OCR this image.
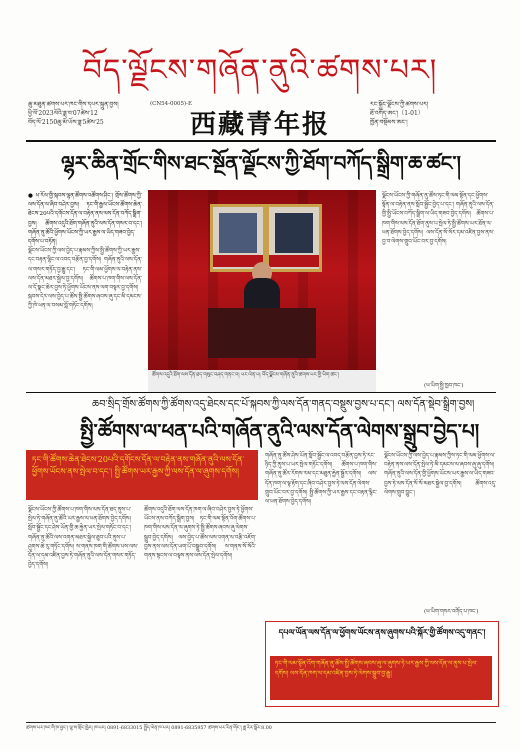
བོད་ལྗོངས་གཞོན་ནུའི་ཚགས་པར།
ཆུ་མཐུན་ཚགས་པར་ཁང་གིས་དཔར་སྐྲུན་བྱས།
ཕྱི་ལོ་2023ལོའི་ཟླ་བ་07ཚེས་12
བོད་ལོ་2150ཆུ་མོ་ཡོས་ཟླ་5ཚེས་25
(CN54-0005)-E
西藏青年报
རང་སྐྱོང་ལྗོངས་ཀྱི་ཚགས་པར།
ཐོ་འགོད་ཨང་།（1-01）
ཁྱོན་བསྡོམས་ཨང་།
ལྷར་ཆིན་གྲོང་གིས་ཐང་སྔོན་ལྗོངས་ཀྱི་ཐོག་བཀོད་སྒྲིག་ཆ་ཚང་།
● ཕ་རོལ་གྱི་སྐབས་ལྷན་ཚོགས་འཚོགས་ཤིང་། གྲོས་ཚོགས་ཀྱི་ལས་དོན་ལ་ཞིབ་བཤེར་བྱས། ཏང་གི་རྒྱལ་ཡོངས་ཚོགས་ཆེན་ཐེངས་20པའི་དགོངས་དོན་ལ་བརྟེན་ནས་ལས་དོན་བཀོད་སྒྲིག་བྱས། ཚོགས་འདུའི་ཐོག་གཞོན་ནུའི་ལས་དོན་གསར་བ་དང་། གཞོན་ནུ་ཚོའི་ཕྱོགས་ཡོངས་ཀྱི་ཡར་རྒྱས་ལ་ཡིད་གཟབ་བྱེད་དགོས་པ་བཏོན།
ལྗོངས་ཡོངས་ཀྱི་ལས་བྱེད་པ་རྣམས་ཀྱིས་སྤྱི་ཚོགས་ཀྱི་ཡར་རྒྱས་དང་བརྟན་ལྷིང་ལ་འབད་བརྩོན་བྱ་དགོས། གཞོན་ནུའི་ལས་དོན་ལ་གསར་གཏོད་བྱ་རྒྱུ་དང་། ཏང་གི་ལམ་ཕྱོགས་ལ་བརྟེན་ནས་ལས་དོན་མཐར་སྐྱེལ་བྱ་དགོས། ཚོགས་པ་ཁག་གིས་ལས་དོན་ལ་དོ་སྣང་ཆེར་བྱས་ཏེ་ཕྱོགས་ཡོངས་ནས་ལག་བསྟར་བྱ་དགོས། སྐབས་དེར་ལས་བྱེད་པ་ཚོས་སྤྱི་ཚོགས་ཞབས་ཞུ་དང་མི་དམངས་ཀྱི་ཁེ་ཕན་ལ་བསམ་བློ་གཏོང་དགོས།
ཚོགས་འདུའི་ཐོག་ལས་དོན་ཐད་གསུང་བཤད་གནང་བ། པར་ལེན་པ། བོད་ལྗོངས་གཞོན་ནུའི་ཚགས་པར་གྱི་ཡིག་ཚང་།
ལྗོངས་ཡོངས་ཀྱི་གཞོན་ནུ་ཚོས་ཏང་གི་ལམ་སྟོན་དང་ཕྱོགས་སྟོན་ལ་བརྟེན་ནས་སློབ་སྦྱོང་བྱེད་པ་དང་། གཞོན་ནུའི་ལས་དོན་གྱི་སྤྱི་ཡོངས་བཀོད་སྒྲིག་ལ་ཡིད་གཟབ་བྱེད་དགོས། ཚོགས་པ་ཁག་གིས་ལས་དོན་ཐོག་ནུས་པ་སྤེལ་ཏེ་སྤྱི་ཚོགས་ཡར་ཐོན་ལ་ཕན་ཐོགས་བྱེད་དགོས། ལས་དོན་སོ་སོར་དམ་འཛིན་བྱས་ནས་བྱ་བ་ལེགས་གྲུབ་ཡོང་བར་བྱ་དགོས།
(ཕ་ཡིག་སྤྱི་ཁྱབ་ཁང་)
ཆབ་སྲིད་གྲོས་ཚོགས་ཀྱི་ཚོགས་འདུ་ཐེངས་དང་པོ་སྐབས་ཀྱི་ལས་དོན་གནད་བསྡུས་བྱས་པ་དང་། ལས་དོན་སྡེབ་སྒྲིག་བྱས།
སྤྱི་ཚོགས་ལ་ཕན་པའི་གཞོན་ནུའི་ལས་དོན་ལེགས་སྒྲུབ་བྱེད་པ།
ཏང་གི་ཚོགས་ཆེན་ཐེངས་20པའི་དགོངས་དོན་ལ་བརྟེན་ནས་གཞོན་ནུའི་ལས་དོན་ཕྱོགས་ཡོངས་ནས་སྤེལ་བ་དང་། སྤྱི་ཚོགས་ཡར་རྒྱས་ཀྱི་ལས་དོན་ལ་ཞུགས་དགོས།
ལྗོངས་ཡོངས་ཀྱི་ཚོགས་པ་ཁག་གིས་ལས་དོན་ཐད་ནུས་པ་སྤེལ་ཏེ་གཞོན་ནུ་ཚོའི་ཡར་རྒྱས་ལ་ཕན་ཐོགས་བྱེད་དགོས། སློབ་སྦྱོང་དང་ཤེས་ཡོན་གྱི་ཆ་རྐྱེན་ཡར་སྤེལ་གཏོང་བ་དང་། གཞོན་ནུ་ཚོའི་ལས་འགན་མཐར་སྐྱེལ་ཐུབ་པའི་ནུས་པ་ཤུགས་ཆེ་རུ་གཏོང་དགོས། ས་གནས་ཁག་གི་ཚོགས་པས་ལས་དོན་ལ་དམ་འཛིན་བྱས་ཏེ་གཞོན་ནུའི་ལས་དོན་གསར་གཏོད་བྱེད་དགོས།
ཚོགས་འདུའི་ཐོག་ལས་དོན་ཁག་ལ་ཞིབ་བཤེར་བྱས་ཏེ་ཕྱོགས་ཡོངས་ནས་བཀོད་སྒྲིག་བྱས། ཏང་གི་ལམ་སྟོན་འོག་ཚོགས་པ་ཁག་གིས་ལས་དོན་ལ་ཞུགས་ཏེ་སྤྱི་ཚོགས་ཞབས་ཞུ་ལེགས་སྒྲུབ་བྱེད་དགོས། ལས་བྱེད་པ་ཚོས་ལས་འགན་ལ་བརྩི་འཇོག་བྱས་ནས་ལས་དོན་ཡག་པོ་བསྒྲུབ་དགོས། ས་གནས་སོ་སོའི་གནས་སྟངས་ལ་བལྟས་ནས་ལས་དོན་སྤེལ་དགོས།
གཞོན་ནུ་ཚོས་ཤེས་ཡོན་སློབ་སྦྱོང་ལ་འབད་བརྩོན་བྱས་ཏེ་རང་ཉིད་ཀྱི་ནུས་པ་ཡར་སྤེལ་གཏོང་དགོས། ཚོགས་པ་ཁག་གིས་གཞོན་ནུ་ཚོར་རོགས་རམ་དང་མཐུན་རྐྱེན་སྦྱོར་དགོས། ལས་དོན་ཁག་ལ་ལྟ་རྟོག་དང་ཞིབ་བཤེར་བྱས་ཏེ་ལས་དོན་ལེགས་གྲུབ་ཡོང་བར་བྱ་དགོས། སྤྱི་ཚོགས་ཀྱི་ཡར་རྒྱས་དང་བརྟན་ལྷིང་ལ་ཕན་ཐོགས་བྱེད་དགོས།
ལྗོངས་ཡོངས་ཀྱི་ལས་བྱེད་པ་རྣམས་ཀྱིས་ཏང་གི་ལམ་ཕྱོགས་ལ་བརྟེན་ནས་ལས་དོན་སྤེལ་ཏེ་མི་དམངས་ལ་ཞབས་ཞུ་ཞུ་དགོས། གཞོན་ནུའི་ལས་དོན་གྱི་ཕྱོགས་ཡོངས་ཡར་རྒྱས་ལ་ཡིད་གཟབ་བྱས་ཏེ་ལས་དོན་སོ་སོ་མཐར་སྐྱེལ་བྱ་དགོས། ཚོགས་འདུ་ལེགས་གྲུབ་བྱུང་།
(ཕ་ཡིག་གསར་འགོད་པ་ཁང་)
དཔལ་ཡོན་ལས་དོན་ལ་ཕྱོགས་ཡོངས་ནས་ཞུགས་པའི་སྐོར་གྱི་ཚོགས་འདུ་གནང་།
ཏང་གི་ལམ་སྟོན་འོག་གཞོན་ནུ་ཚོས་སྤྱི་ཚོགས་ཞབས་ཞུ་ལ་ཞུགས་ཏེ་ཡར་རྒྱས་ཀྱི་ལས་དོན་ལ་ནུས་པ་སྤེལ་དགོས། ལས་དོན་ཁག་ལ་དམ་འཛིན་བྱས་ཏེ་ལེགས་སྒྲུབ་བྱ་རྒྱུ།
ཚགས་པར་ཁང་གི་ཁ་བྱང་། ལྷ་ས་གྲོང་ཁྱེར། ཁ་པར། 0891-6833015 སྤྲོད་ལེན་ཁ་པར། 0891-6835957 ཚགས་པར་རིན་གོང་། ཟླ་རེར་སྒོར་8.00
